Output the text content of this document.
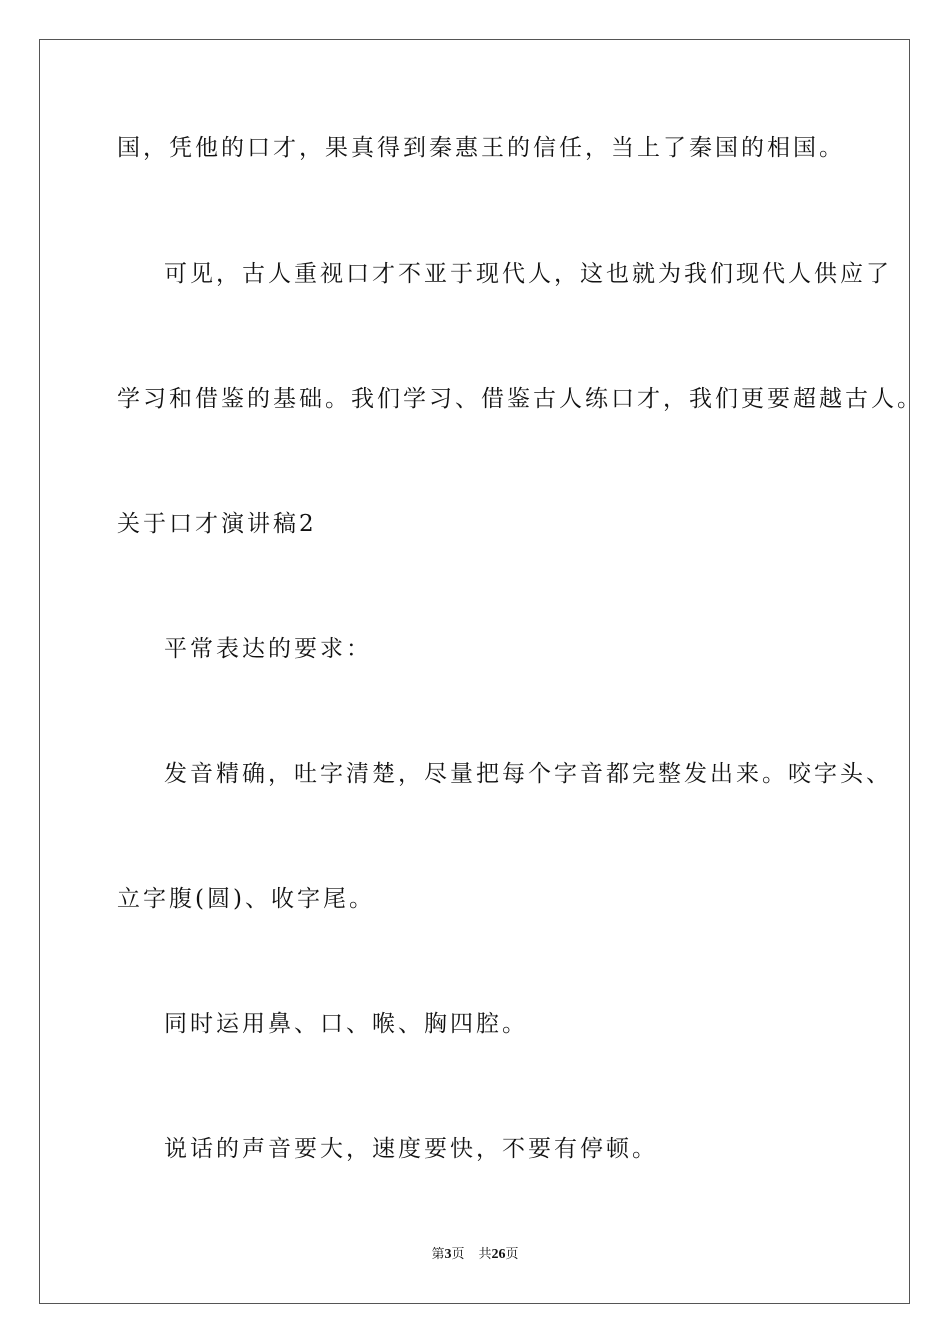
国，凭他的口才，果真得到秦惠王的信任，当上了秦国的相国。
可见，古人重视口才不亚于现代人，这也就为我们现代人供应了
学习和借鉴的基础。我们学习、借鉴古人练口才，我们更要超越古人。
关于口才演讲稿2
平常表达的要求：
发音精确，吐字清楚，尽量把每个字音都完整发出来。咬字头、
立字腹(圆)、收字尾。
同时运用鼻、口、喉、胸四腔。
说话的声音要大，速度要快，不要有停顿。
第3页 共26页
